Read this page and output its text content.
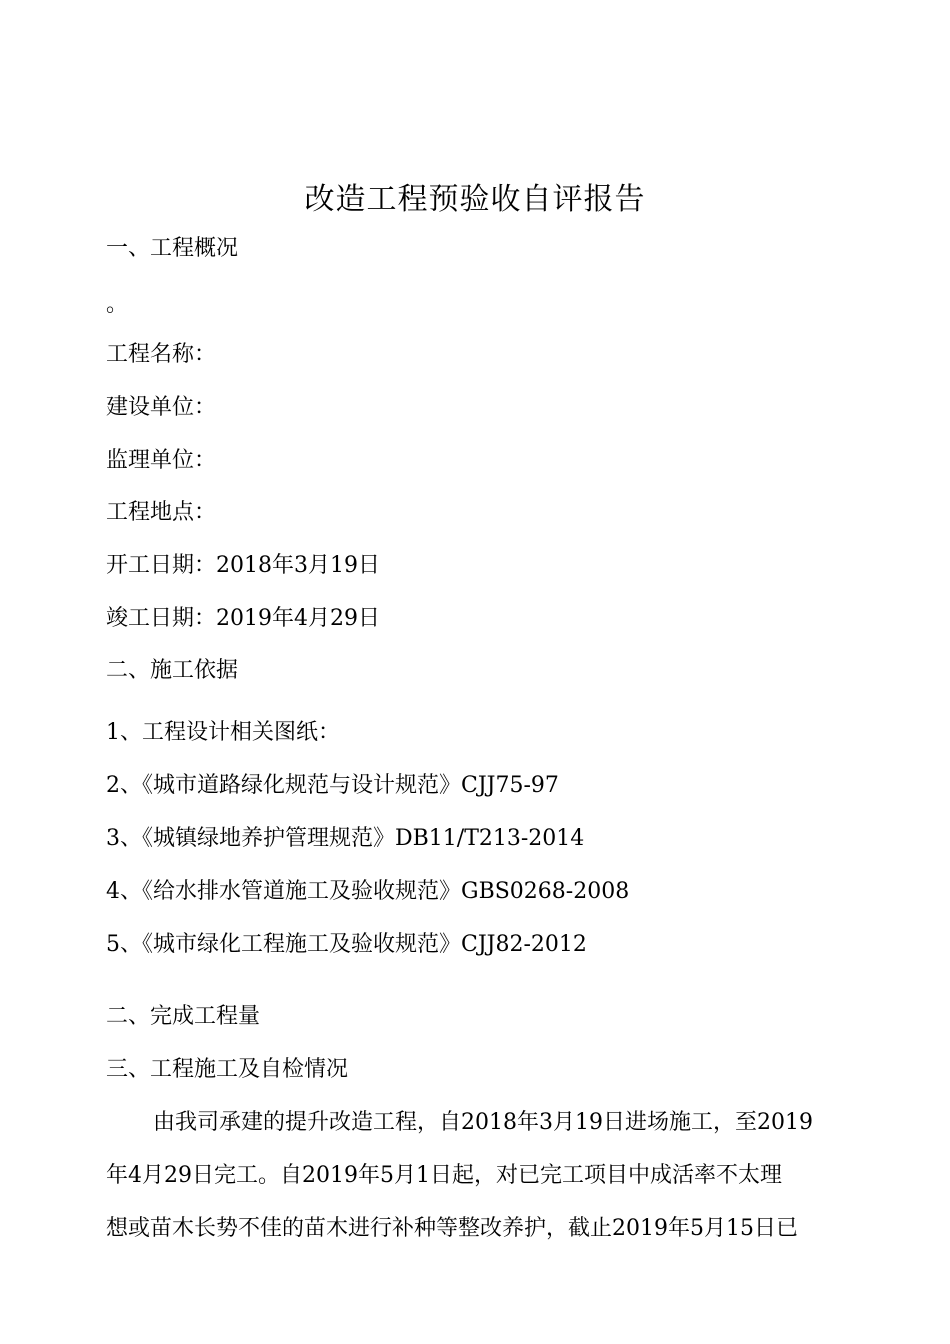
改造工程预验收自评报告
一、工程概况
。
工程名称：
建设单位：
监理单位：
工程地点：
开工日期：2018年3月19日
竣工日期：2019年4月29日
二、施工依据
1、工程设计相关图纸：
2、《城市道路绿化规范与设计规范》CJJ75-97
3、《城镇绿地养护管理规范》DB11/T213-2014
4、《给水排水管道施工及验收规范》GBS0268-2008
5、《城市绿化工程施工及验收规范》CJJ82-2012
二、完成工程量
三、工程施工及自检情况
由我司承建的提升改造工程，自2018年3月19日进场施工，至2019
年4月29日完工。自2019年5月1日起，对已完工项目中成活率不太理
想或苗木长势不佳的苗木进行补种等整改养护，截止2019年5月15日已
